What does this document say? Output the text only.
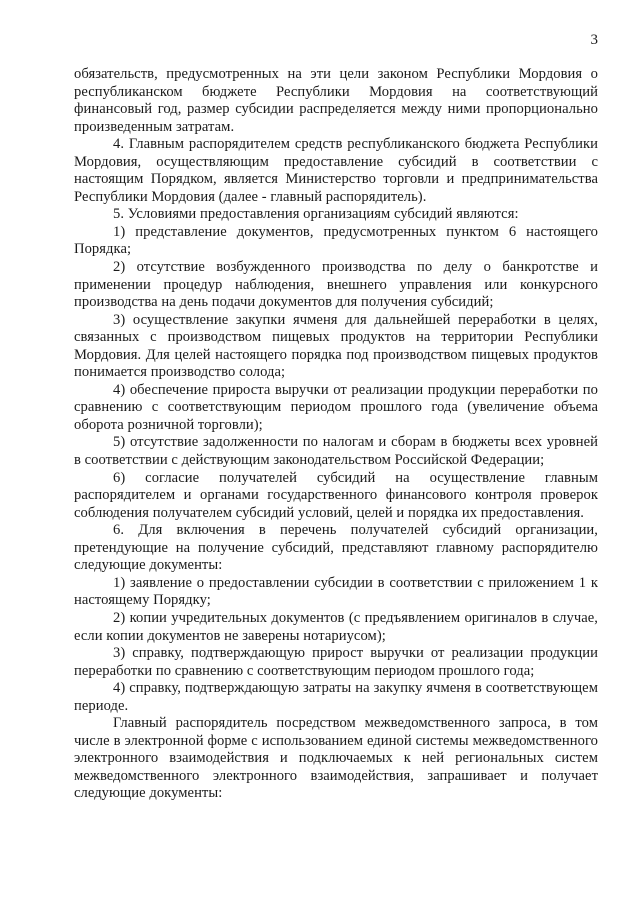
3

обязательств, предусмотренных на эти цели законом Республики Мордовия о республиканском бюджете Республики Мордовия на соответствующий финансовый год, размер субсидии распределяется между ними пропорционально произведенным затратам.

4. Главным распорядителем средств республиканского бюджета Республики Мордовия, осуществляющим предоставление субсидий в соответствии с настоящим Порядком, является Министерство торговли и предпринимательства Республики Мордовия (далее - главный распорядитель).

5. Условиями предоставления организациям субсидий являются:

1) представление документов, предусмотренных пунктом 6 настоящего Порядка;

2) отсутствие возбужденного производства по делу о банкротстве и применении процедур наблюдения, внешнего управления или конкурсного производства на день подачи документов для получения субсидий;

3) осуществление закупки ячменя для дальнейшей переработки в целях, связанных с производством пищевых продуктов на территории Республики Мордовия. Для целей настоящего порядка под производством пищевых продуктов понимается производство солода;

4) обеспечение прироста выручки от реализации продукции переработки по сравнению с соответствующим периодом прошлого года (увеличение объема оборота розничной торговли);

5) отсутствие задолженности по налогам и сборам в бюджеты всех уровней в соответствии с действующим законодательством Российской Федерации;

6) согласие получателей субсидий на осуществление главным распорядителем и органами государственного финансового контроля проверок соблюдения получателем субсидий условий, целей и порядка их предоставления.

6. Для включения в перечень получателей субсидий организации, претендующие на получение субсидий, представляют главному распорядителю следующие документы:

1) заявление о предоставлении субсидии в соответствии с приложением 1 к настоящему Порядку;

2) копии учредительных документов (с предъявлением оригиналов в случае, если копии документов не заверены нотариусом);

3) справку, подтверждающую прирост выручки от реализации продукции переработки по сравнению с соответствующим периодом прошлого года;

4) справку, подтверждающую затраты на закупку ячменя в соответствующем периоде.

Главный распорядитель посредством межведомственного запроса, в том числе в электронной форме с использованием единой системы межведомственного электронного взаимодействия и подключаемых к ней региональных систем межведомственного электронного взаимодействия, запрашивает и получает следующие документы:
